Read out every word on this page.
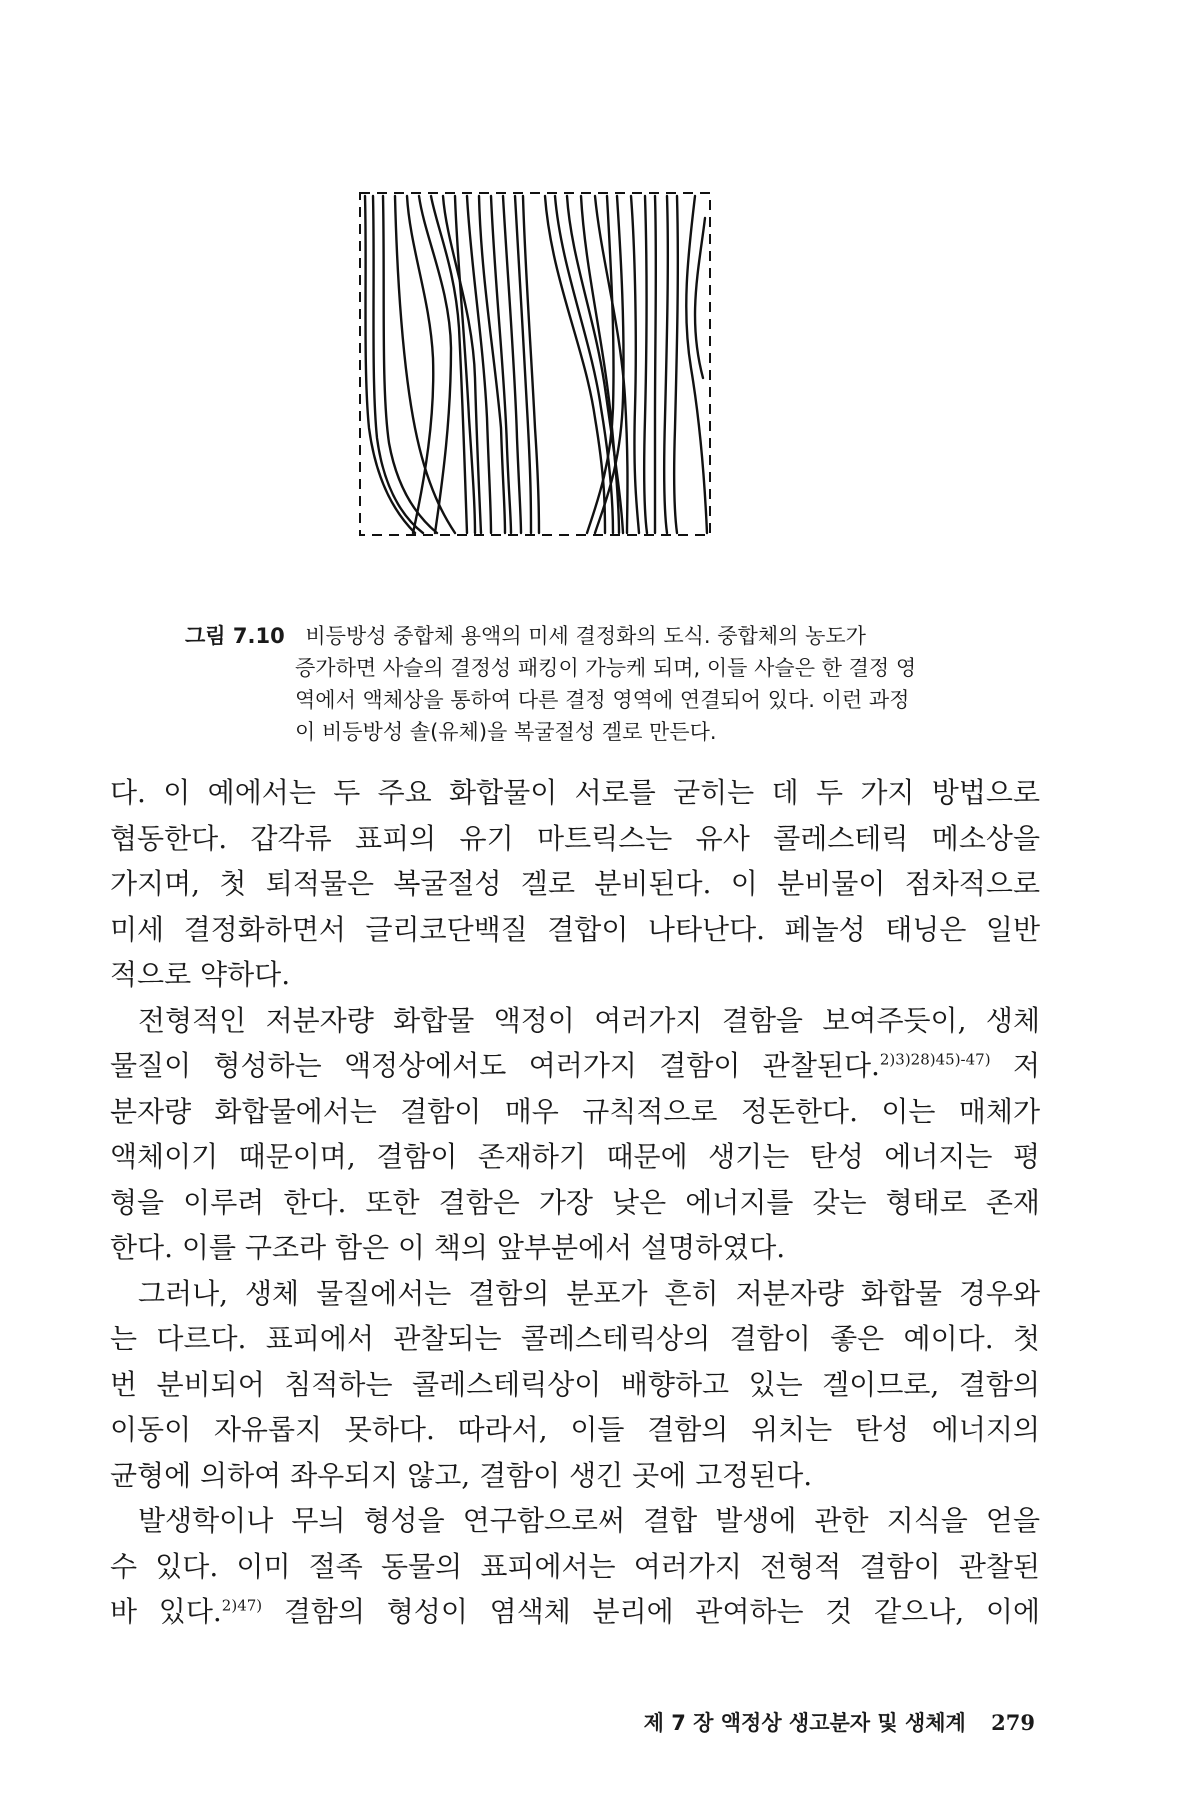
그림 7.10 비등방성 중합체 용액의 미세 결정화의 도식. 중합체의 농도가
증가하면 사슬의 결정성 패킹이 가능케 되며, 이들 사슬은 한 결정 영
역에서 액체상을 통하여 다른 결정 영역에 연결되어 있다. 이런 과정
이 비등방성 솔(유체)을 복굴절성 겔로 만든다.
다. 이 예에서는 두 주요 화합물이 서로를 굳히는 데 두 가지 방법으로
협동한다. 갑각류 표피의 유기 마트릭스는 유사 콜레스테릭 메소상을
가지며, 첫 퇴적물은 복굴절성 겔로 분비된다. 이 분비물이 점차적으로
미세 결정화하면서 글리코단백질 결합이 나타난다. 페놀성 태닝은 일반
적으로 약하다.
전형적인 저분자량 화합물 액정이 여러가지 결함을 보여주듯이, 생체
물질이 형성하는 액정상에서도 여러가지 결함이 관찰된다.$^{2)3)28)45)-47)}$ 저
분자량 화합물에서는 결함이 매우 규칙적으로 정돈한다. 이는 매체가
액체이기 때문이며, 결함이 존재하기 때문에 생기는 탄성 에너지는 평
형을 이루려 한다. 또한 결함은 가장 낮은 에너지를 갖는 형태로 존재
한다. 이를 구조라 함은 이 책의 앞부분에서 설명하였다.
그러나, 생체 물질에서는 결함의 분포가 흔히 저분자량 화합물 경우와
는 다르다. 표피에서 관찰되는 콜레스테릭상의 결함이 좋은 예이다. 첫
번 분비되어 침적하는 콜레스테릭상이 배향하고 있는 겔이므로, 결함의
이동이 자유롭지 못하다. 따라서, 이들 결함의 위치는 탄성 에너지의
균형에 의하여 좌우되지 않고, 결함이 생긴 곳에 고정된다.
발생학이나 무늬 형성을 연구함으로써 결합 발생에 관한 지식을 얻을
수 있다. 이미 절족 동물의 표피에서는 여러가지 전형적 결함이 관찰된
바 있다.$^{2)47)}$ 결함의 형성이 염색체 분리에 관여하는 것 같으나, 이에
제 7 장 액정상 생고분자 및 생체계 279
